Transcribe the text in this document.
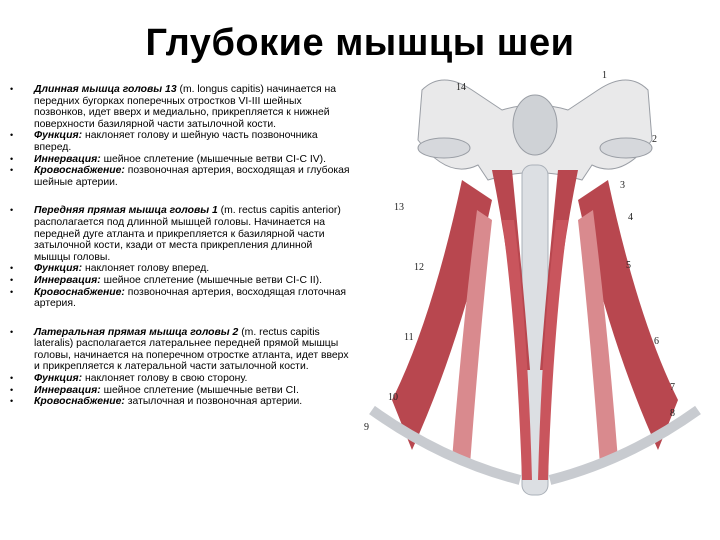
Глубокие мышцы шеи
• Длинная мышца головы 13 (m. longus capitis) начинается на передних бугорках поперечных отростков VI-III шейных позвонков, идет вверх и медиально, прикрепляется к нижней поверхности базилярной части затылочной кости.
• Функция: наклоняет голову и шейную часть позвоночника вперед.
• Иннервация: шейное сплетение (мышечные ветви CI-C IV).
• Кровоснабжение: позвоночная артерия, восходящая и глубокая шейные артерии.
• Передняя прямая мышца головы 1 (m. rectus capitis anterior) располагается под длинной мышцей головы. Начинается на передней дуге атланта и прикрепляется к базилярной части затылочной кости, кзади от места прикрепления длинной мышцы головы.
• Функция: наклоняет голову вперед.
• Иннервация: шейное сплетение (мышечные ветви CI-C II).
• Кровоснабжение: позвоночная артерия, восходящая глоточная артерия.
• Латеральная прямая мышца головы 2 (m. rectus capitis lateralis) располагается латеральнее передней прямой мышцы головы, начинается на поперечном отростке атланта, идет вверх и прикрепляется к латеральной части затылочной кости.
• Функция: наклоняет голову в свою сторону.
• Иннервация: шейное сплетение (мышечные ветви CI.
• Кровоснабжение: затылочная и позвоночная артерии.
14
1
2
3
13
4
12	5
11	6
10
7
9
8
